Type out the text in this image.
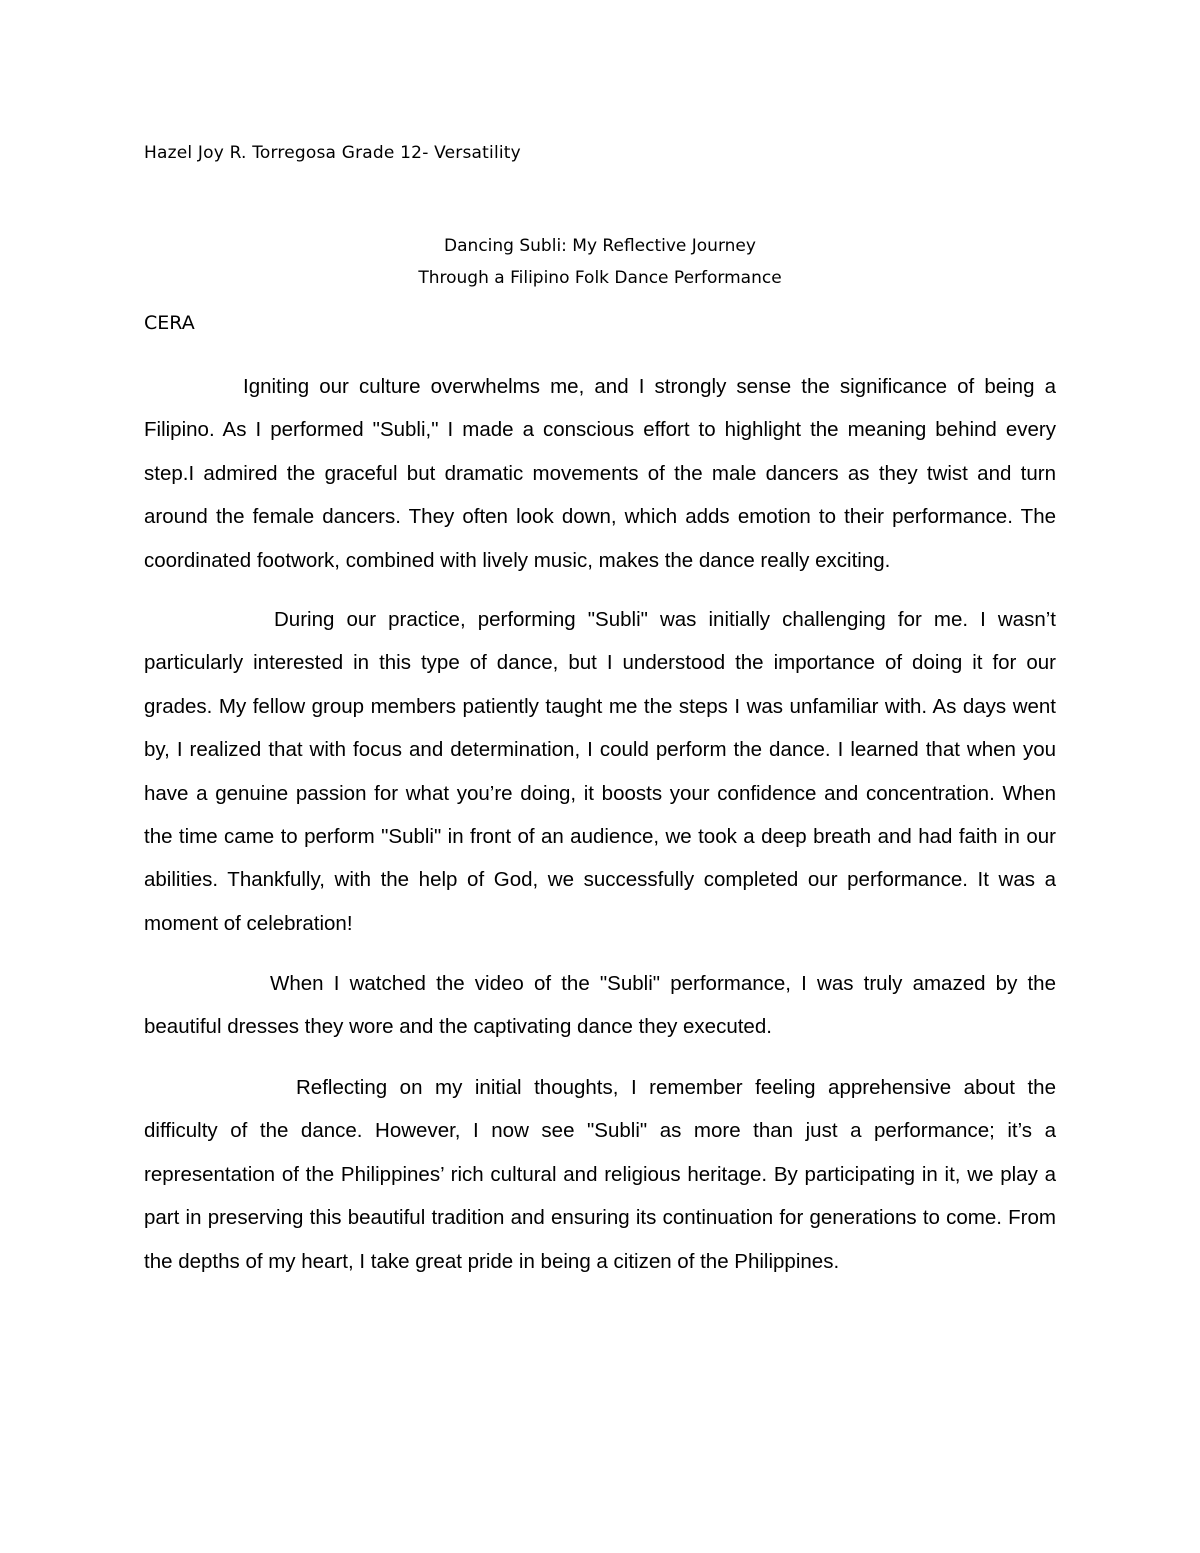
Hazel Joy R. Torregosa Grade 12- Versatility
Dancing Subli: My Reflective Journey
Through a Filipino Folk Dance Performance
CERA

Igniting our culture overwhelms me, and I strongly sense the significance of being a Filipino. As I performed "Subli," I made a conscious effort to highlight the meaning behind every step.I admired the graceful but dramatic movements of the male dancers as they twist and turn around the female dancers. They often look down, which adds emotion to their performance. The coordinated footwork, combined with lively music, makes the dance really exciting.

During our practice, performing "Subli" was initially challenging for me. I wasn’t particularly interested in this type of dance, but I understood the importance of doing it for our grades. My fellow group members patiently taught me the steps I was unfamiliar with. As days went by, I realized that with focus and determination, I could perform the dance. I learned that when you have a genuine passion for what you’re doing, it boosts your confidence and concentration. When the time came to perform "Subli" in front of an audience, we took a deep breath and had faith in our abilities. Thankfully, with the help of God, we successfully completed our performance. It was a moment of celebration!

When I watched the video of the "Subli" performance, I was truly amazed by the beautiful dresses they wore and the captivating dance they executed.

Reflecting on my initial thoughts, I remember feeling apprehensive about the difficulty of the dance. However, I now see "Subli" as more than just a performance; it’s a representation of the Philippines’ rich cultural and religious heritage. By participating in it, we play a part in preserving this beautiful tradition and ensuring its continuation for generations to come. From the depths of my heart, I take great pride in being a citizen of the Philippines.
